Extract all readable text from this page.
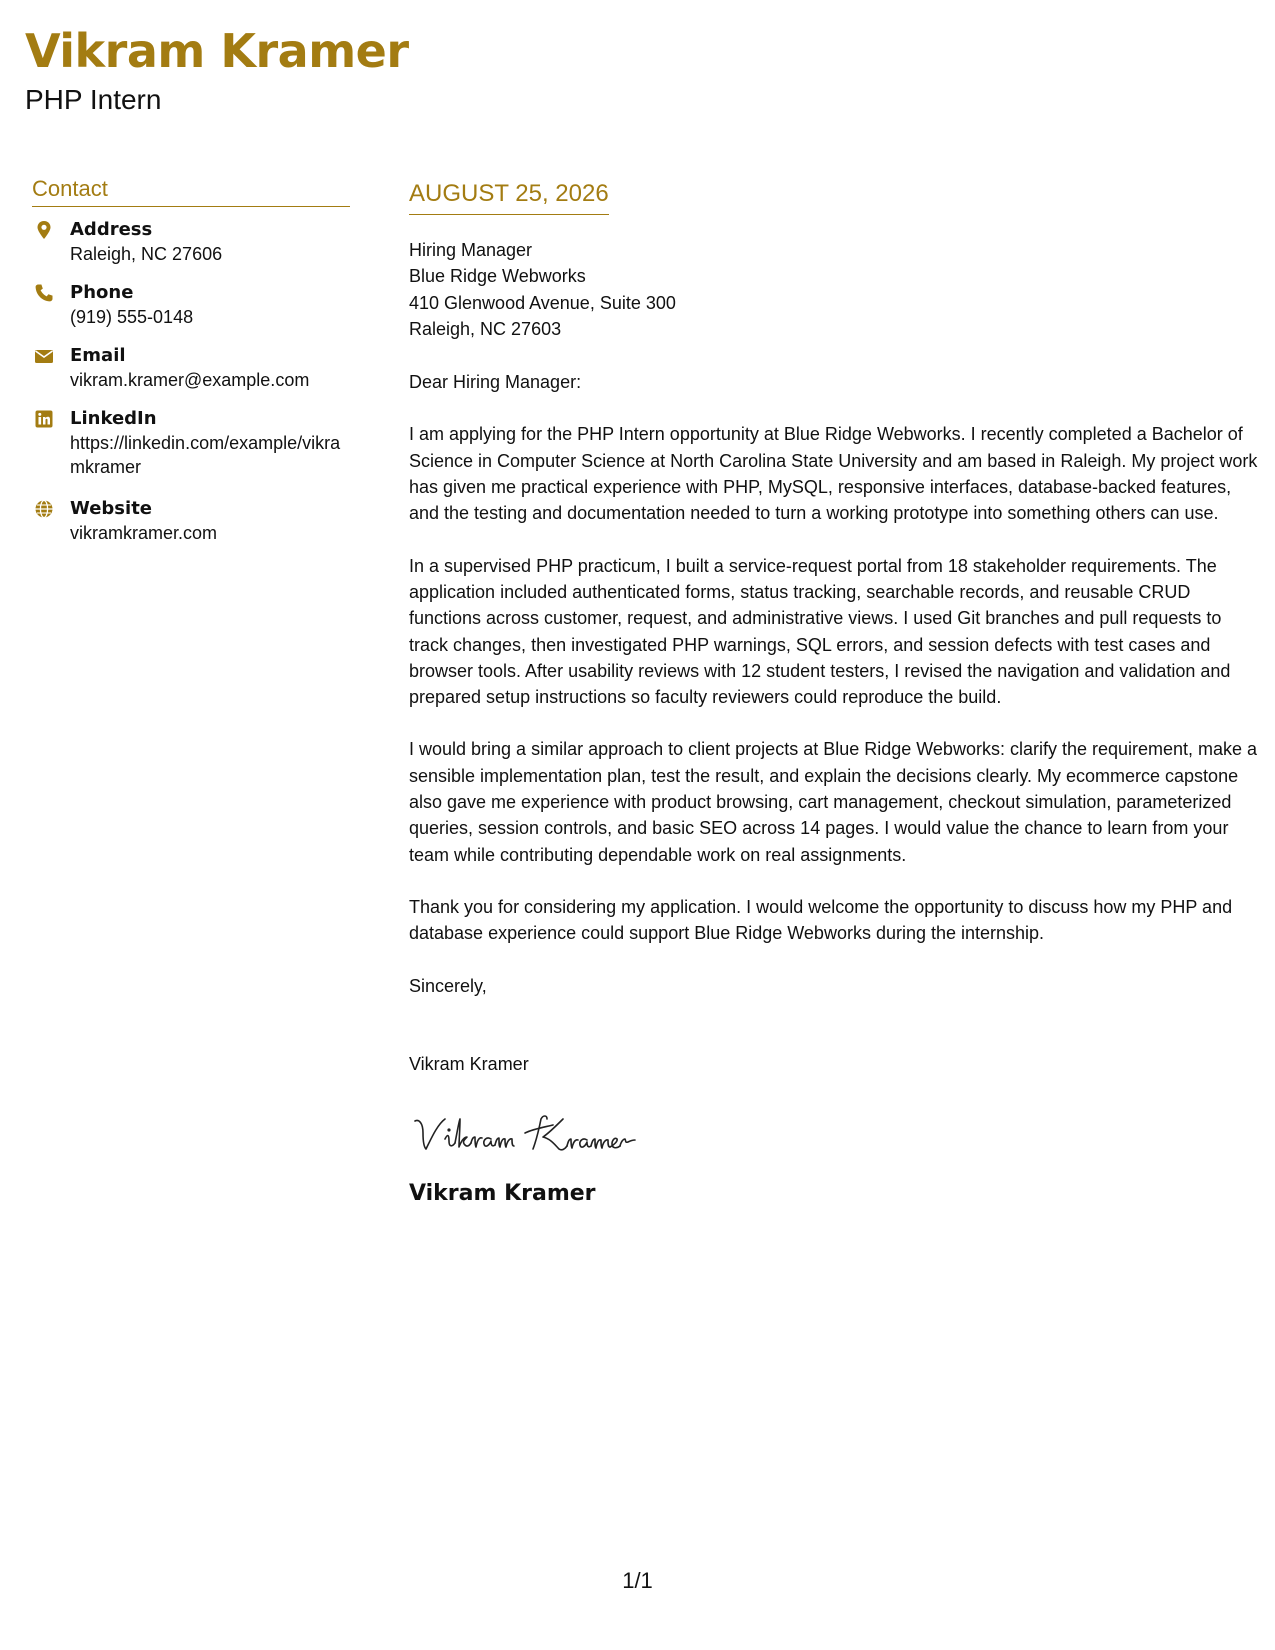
Vikram Kramer
PHP Intern
Contact
Address
Raleigh, NC 27606
Phone
(919) 555-0148
Email
vikram.kramer@example.com
LinkedIn
https://linkedin.com/example/vikramkramer
Website
vikramkramer.com
AUGUST 25, 2026
Hiring Manager
Blue Ridge Webworks
410 Glenwood Avenue, Suite 300
Raleigh, NC 27603
Dear Hiring Manager:

I am applying for the PHP Intern opportunity at Blue Ridge Webworks. I recently completed a Bachelor of Science in Computer Science at North Carolina State University and am based in Raleigh. My project work has given me practical experience with PHP, MySQL, responsive interfaces, database-backed features, and the testing and documentation needed to turn a working prototype into something others can use.

In a supervised PHP practicum, I built a service-request portal from 18 stakeholder requirements. The application included authenticated forms, status tracking, searchable records, and reusable CRUD functions across customer, request, and administrative views. I used Git branches and pull requests to track changes, then investigated PHP warnings, SQL errors, and session defects with test cases and browser tools. After usability reviews with 12 student testers, I revised the navigation and validation and prepared setup instructions so faculty reviewers could reproduce the build.

I would bring a similar approach to client projects at Blue Ridge Webworks: clarify the requirement, make a sensible implementation plan, test the result, and explain the decisions clearly. My ecommerce capstone also gave me experience with product browsing, cart management, checkout simulation, parameterized queries, session controls, and basic SEO across 14 pages. I would value the chance to learn from your team while contributing dependable work on real assignments.

Thank you for considering my application. I would welcome the opportunity to discuss how my PHP and database experience could support Blue Ridge Webworks during the internship.

Sincerely,
Vikram Kramer
Vikram Kramer
1/1
